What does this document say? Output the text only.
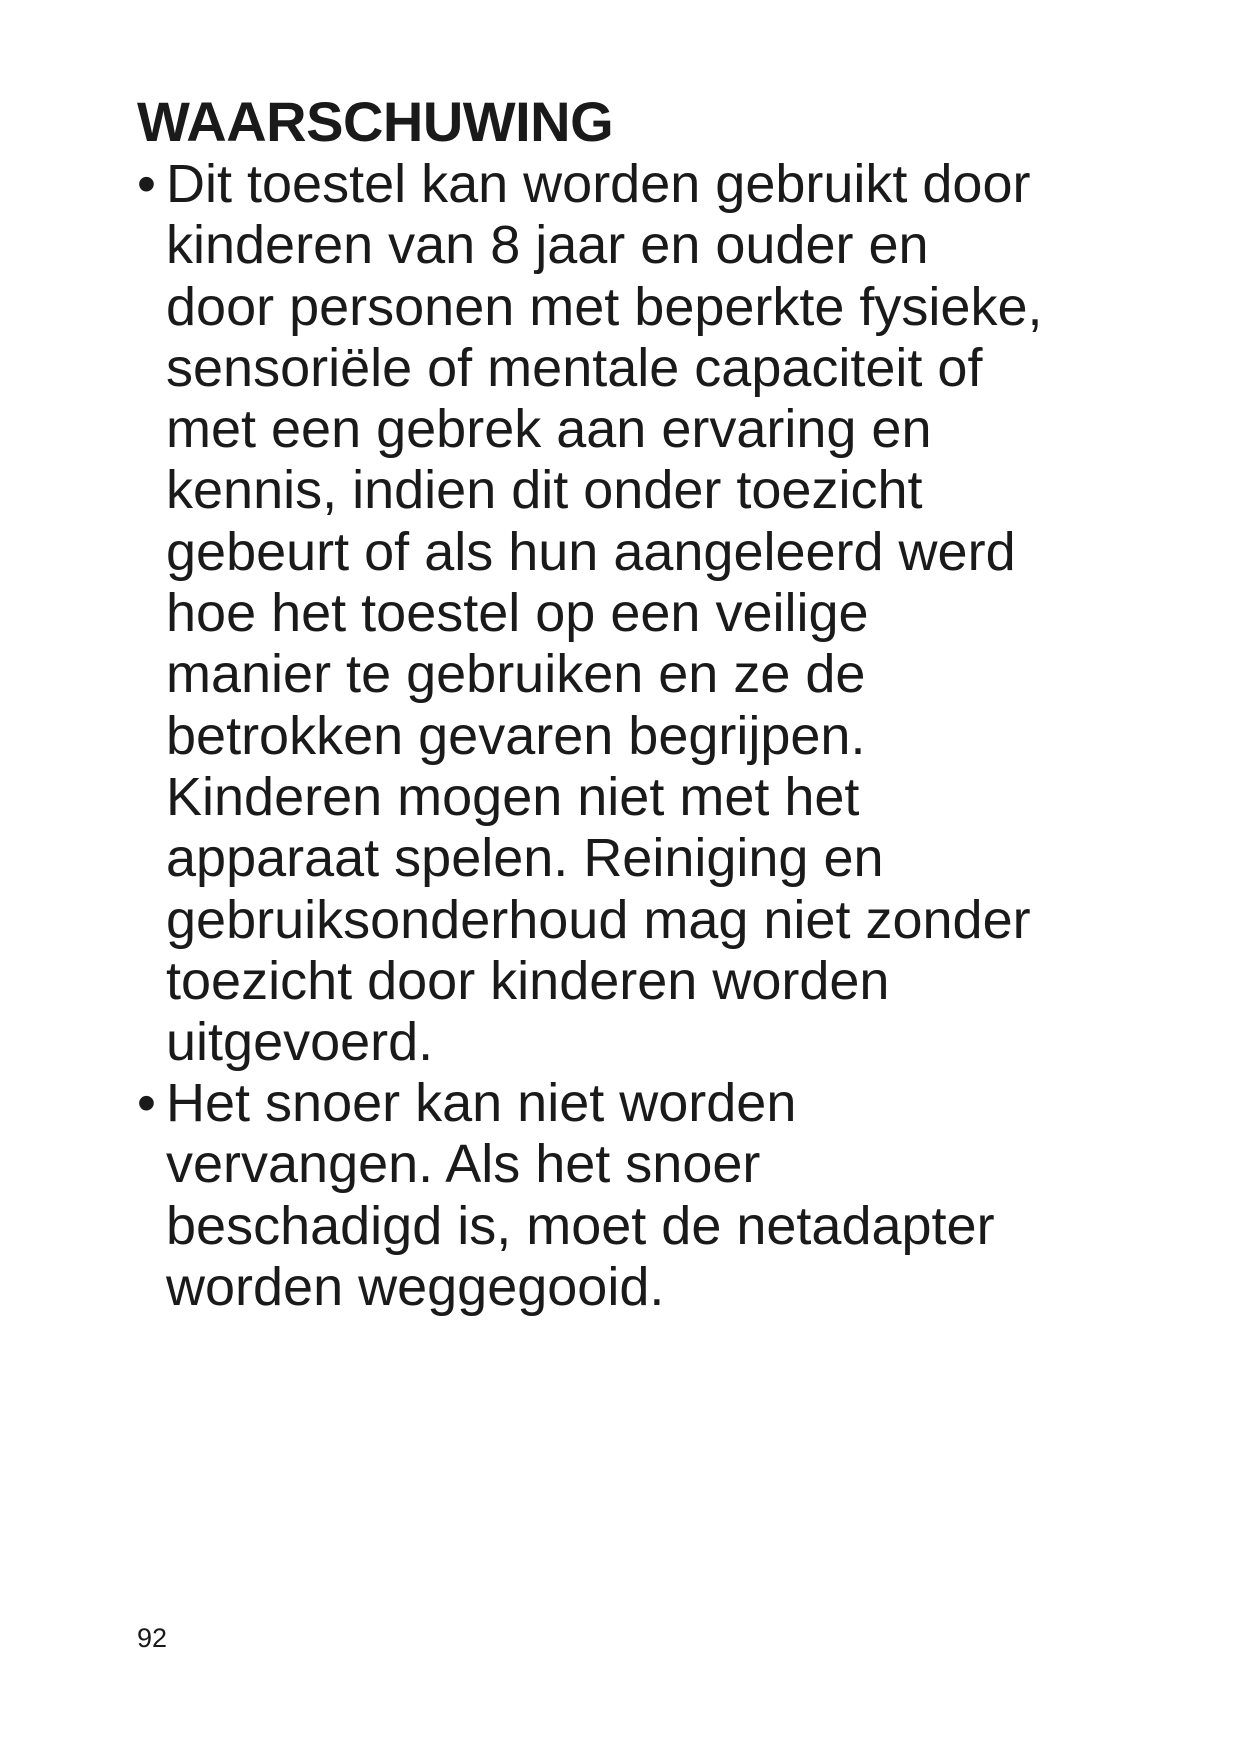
WAARSCHUWING
• Dit toestel kan worden gebruikt door
kinderen van 8 jaar en ouder en
door personen met beperkte fysieke,
sensoriële of mentale capaciteit of
met een gebrek aan ervaring en
kennis, indien dit onder toezicht
gebeurt of als hun aangeleerd werd
hoe het toestel op een veilige
manier te gebruiken en ze de
betrokken gevaren begrijpen.
Kinderen mogen niet met het
apparaat spelen. Reiniging en
gebruiksonderhoud mag niet zonder
toezicht door kinderen worden
uitgevoerd.
• Het snoer kan niet worden
vervangen. Als het snoer
beschadigd is, moet de netadapter
worden weggegooid.

92
